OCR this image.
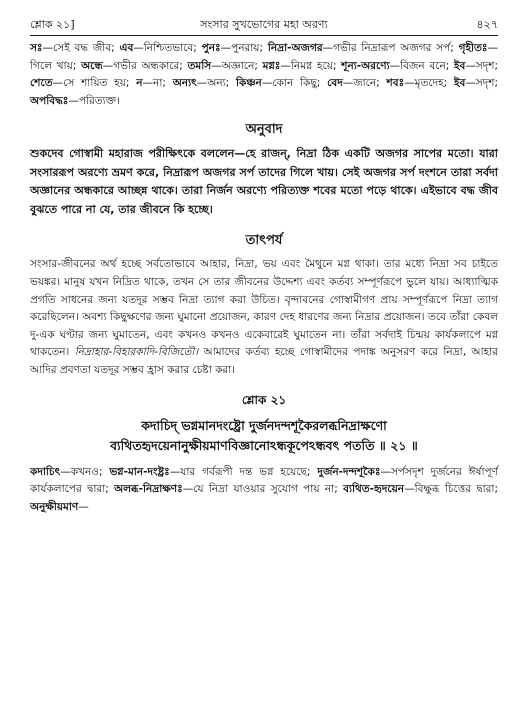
শ্লোক ২১]	সংসার সুখভোগের মহা অরণ্য	৪২৭

সঃ—সেই বদ্ধ জীব; এব—নিশ্চিতভাবে; পুনঃ—পুনরায়; নিদ্রা-অজগর—গভীর নিদ্রারূপ অজগর সর্প; গৃহীতঃ—গিলে খায়; অন্ধে—গভীর অন্ধকারে; তমসি—অজ্ঞানে; মগ্নঃ—নিমগ্ন হয়ে; শূন্য-অরণ্যে—বিজন বনে; ইব—সদৃশ; শেতে—সে শায়িত হয়; ন—না; অন্যৎ—অন্য; কিঞ্চন—কোন কিছু; বেদ—জানে; শবঃ—মৃতদেহ; ইব—সদৃশ; অপবিদ্ধঃ—পরিত্যক্ত।

অনুবাদ

শুকদেব গোস্বামী মহারাজ পরীক্ষিৎকে বললেন—হে রাজন্‌, নিদ্রা ঠিক একটি অজগর সাপের মতো। যারা সংসাররূপ অরণ্যে ভ্রমণ করে, নিদ্রারূপ অজগর সর্প তাদের গিলে খায়। সেই অজগর সর্প দংশনে তারা সর্বদা অজ্ঞানের অন্ধকারে আচ্ছন্ন থাকে। তারা নির্জন অরণ্যে পরিত্যক্ত শবের মতো পড়ে থাকে। এইভাবে বদ্ধ জীব বুঝতে পারে না যে, তার জীবনে কি হচ্ছে।

তাৎপর্য

সংসার-জীবনের অর্থ হচ্ছে সর্বতোভাবে আহার, নিদ্রা, ভয় এবং মৈথুনে মগ্ন থাকা। তার মধ্যে নিদ্রা সব চাইতে ভয়ঙ্কর। মানুষ যখন নিদ্রিত থাকে, তখন সে তার জীবনের উদ্দেশ্য এবং কর্তব্য সম্পূর্ণরূপে ভুলে যায়। আধ্যাত্মিক প্রগতি সাধনের জন্য যতদূর সম্ভব নিদ্রা ত্যাগ করা উচিত। বৃন্দাবনের গোস্বামীগণ প্রায় সম্পূর্ণরূপে নিদ্রা ত্যাগ করেছিলেন। অবশ্য কিছুক্ষণের জন্য ঘুমানো প্রয়োজন, কারণ দেহ ধারণের জন্য নিদ্রার প্রয়োজন। তবে তাঁরা কেবল দু-এক ঘণ্টার জন্য ঘুমাতেন, এবং কখনও কখনও একেবারেই ঘুমাতেন না। তাঁরা সর্বদাই চিন্ময় কার্যকলাপে মগ্ন থাকতেন। নিদ্রাহার-বিহারকাদি-বিজিতৌ। আমাদের কর্তব্য হচ্ছে গোস্বামীদের পদাঙ্ক অনুসরণ করে নিদ্রা, আহার আদির প্রবণতা যতদূর সম্ভব হ্রাস করার চেষ্টা করা।

শ্লোক ২১

কদাচিদ্ ভগ্নমানদংষ্ট্রো দুর্জনদন্দশূকৈরলব্ধনিদ্রাক্ষণো ব্যথিতহৃদয়েনানুক্ষীয়মাণবিজ্ঞানোঽন্ধকূপেঽন্ধবৎ পততি ॥ ২১ ॥

কদাচিৎ—কখনও; ভগ্ন-মান-দংষ্ট্রঃ—যার গর্বরূপী দন্ত ভগ্ন হয়েছে; দুর্জন-দন্দশূকৈঃ—সর্পসদৃশ দুর্জনের ঈর্ষাপূর্ণ কার্যকলাপের দ্বারা; অলব্ধ-নিদ্রাক্ষণঃ—যে নিদ্রা যাওয়ার সুযোগ পায় না; ব্যথিত-হৃদয়েন—বিক্ষুব্ধ চিত্তের দ্বারা; অনুক্ষীয়মাণ—
